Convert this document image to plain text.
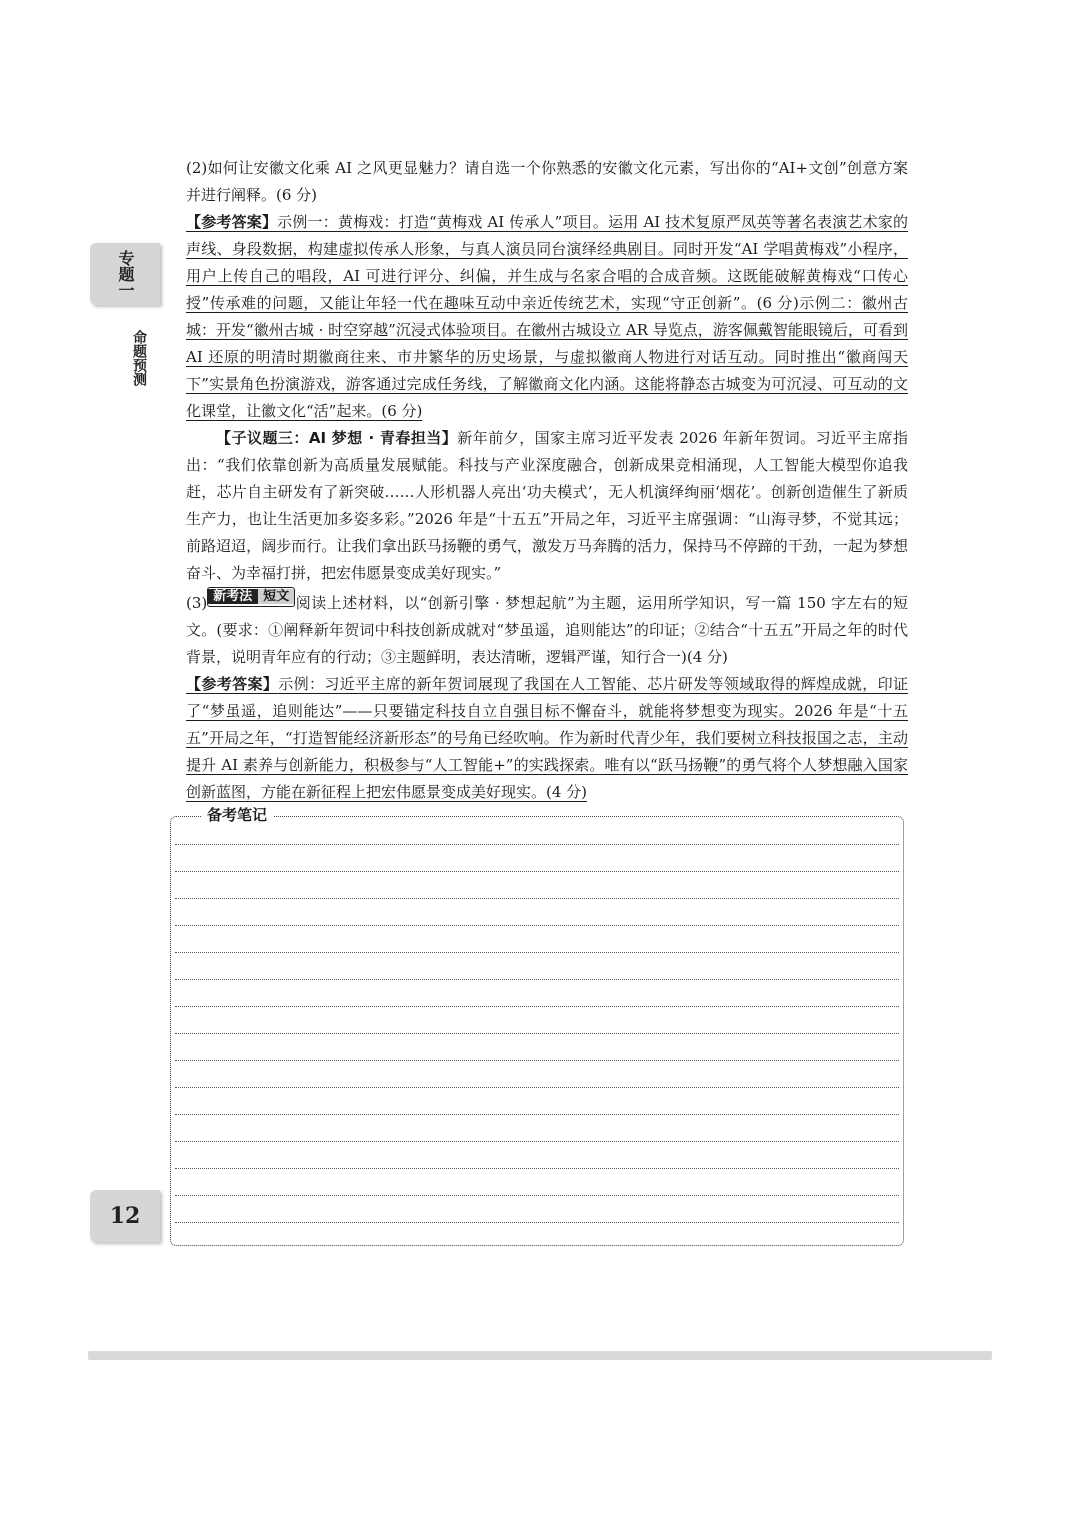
专题一
命题预测

(2)如何让安徽文化乘 AI 之风更显魅力？请自选一个你熟悉的安徽文化元素，写出你的“AI+文创”创意方案并进行阐释。(6 分)

【参考答案】示例一：黄梅戏：打造“黄梅戏 AI 传承人”项目。运用 AI 技术复原严凤英等著名表演艺术家的声线、身段数据，构建虚拟传承人形象，与真人演员同台演绎经典剧目。同时开发“AI 学唱黄梅戏”小程序，用户上传自己的唱段，AI 可进行评分、纠偏，并生成与名家合唱的合成音频。这既能破解黄梅戏“口传心授”传承难的问题，又能让年轻一代在趣味互动中亲近传统艺术，实现“守正创新”。(6 分)示例二：徽州古城：开发“徽州古城 · 时空穿越”沉浸式体验项目。在徽州古城设立 AR 导览点，游客佩戴智能眼镜后，可看到 AI 还原的明清时期徽商往来、市井繁华的历史场景，与虚拟徽商人物进行对话互动。同时推出“徽商闯天下”实景角色扮演游戏，游客通过完成任务线，了解徽商文化内涵。这能将静态古城变为可沉浸、可互动的文化课堂，让徽文化“活”起来。(6 分)

【子议题三：AI 梦想 · 青春担当】新年前夕，国家主席习近平发表 2026 年新年贺词。习近平主席指出：“我们依靠创新为高质量发展赋能。科技与产业深度融合，创新成果竞相涌现，人工智能大模型你追我赶，芯片自主研发有了新突破……人形机器人亮出‘功夫模式’，无人机演绎绚丽‘烟花’。创新创造催生了新质生产力，也让生活更加多姿多彩。”2026 年是“十五五”开局之年，习近平主席强调：“山海寻梦，不觉其远；前路迢迢，阔步而行。让我们拿出跃马扬鞭的勇气，激发万马奔腾的活力，保持马不停蹄的干劲，一起为梦想奋斗、为幸福打拼，把宏伟愿景变成美好现实。”

(3) 新考法 短文 阅读上述材料，以“创新引擎 · 梦想起航”为主题，运用所学知识，写一篇 150 字左右的短文。(要求：①阐释新年贺词中科技创新成就对“梦虽遥，追则能达”的印证；②结合“十五五”开局之年的时代背景，说明青年应有的行动；③主题鲜明，表达清晰，逻辑严谨，知行合一)(4 分)

【参考答案】示例：习近平主席的新年贺词展现了我国在人工智能、芯片研发等领域取得的辉煌成就，印证了“梦虽遥，追则能达”——只要锚定科技自立自强目标不懈奋斗，就能将梦想变为现实。2026 年是“十五五”开局之年，“打造智能经济新形态”的号角已经吹响。作为新时代青少年，我们要树立科技报国之志，主动提升 AI 素养与创新能力，积极参与“人工智能+”的实践探索。唯有以“跃马扬鞭”的勇气将个人梦想融入国家创新蓝图，方能在新征程上把宏伟愿景变成美好现实。(4 分)

备考笔记
12
